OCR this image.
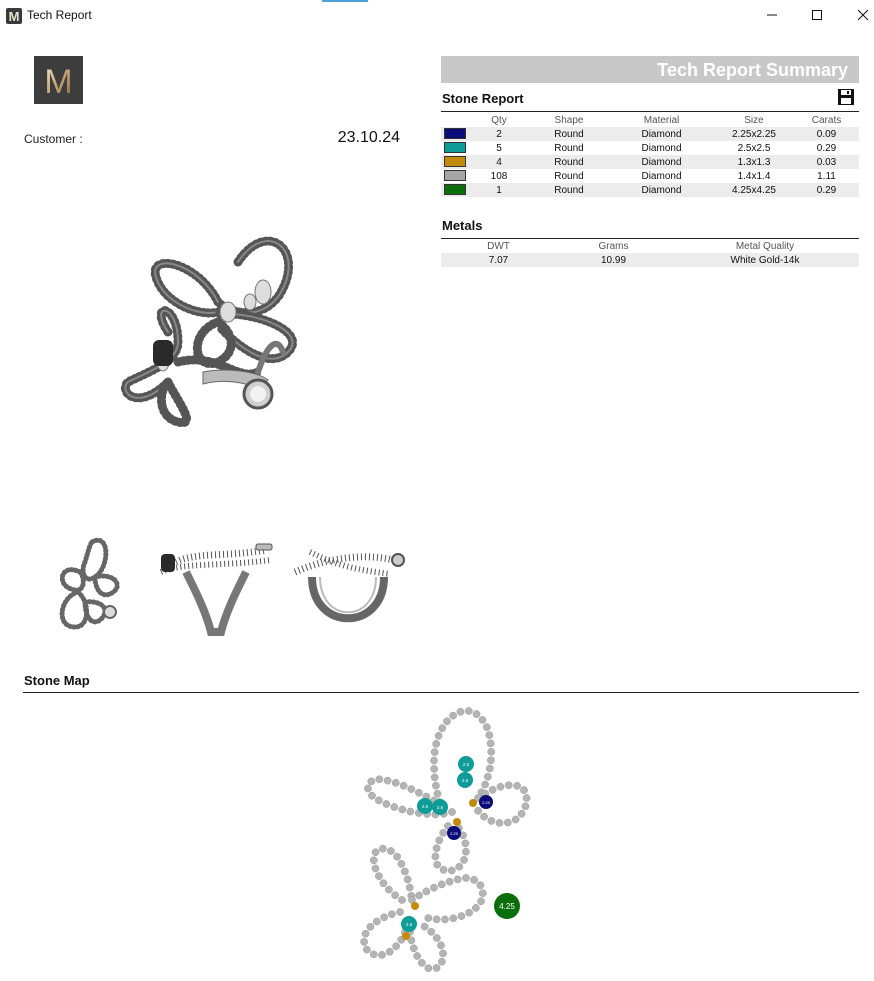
M Tech Report
M
Customer :	23.10.24
Tech Report Summary
Stone Report
	Qty	Shape	Material	Size	Carats
	2	Round	Diamond	2.25x2.25	0.09
	5	Round	Diamond	2.5x2.5	0.29
	4	Round	Diamond	1.3x1.3	0.03
	108	Round	Diamond	1.4x1.4	1.11
	1	Round	Diamond	4.25x4.25	0.29
Metals
DWT	Grams	Metal Quality
7.07	10.99	White Gold-14k
Stone Map
2.25
2.25
2.5
2.5
2.5 2.5
2.5
4.25
